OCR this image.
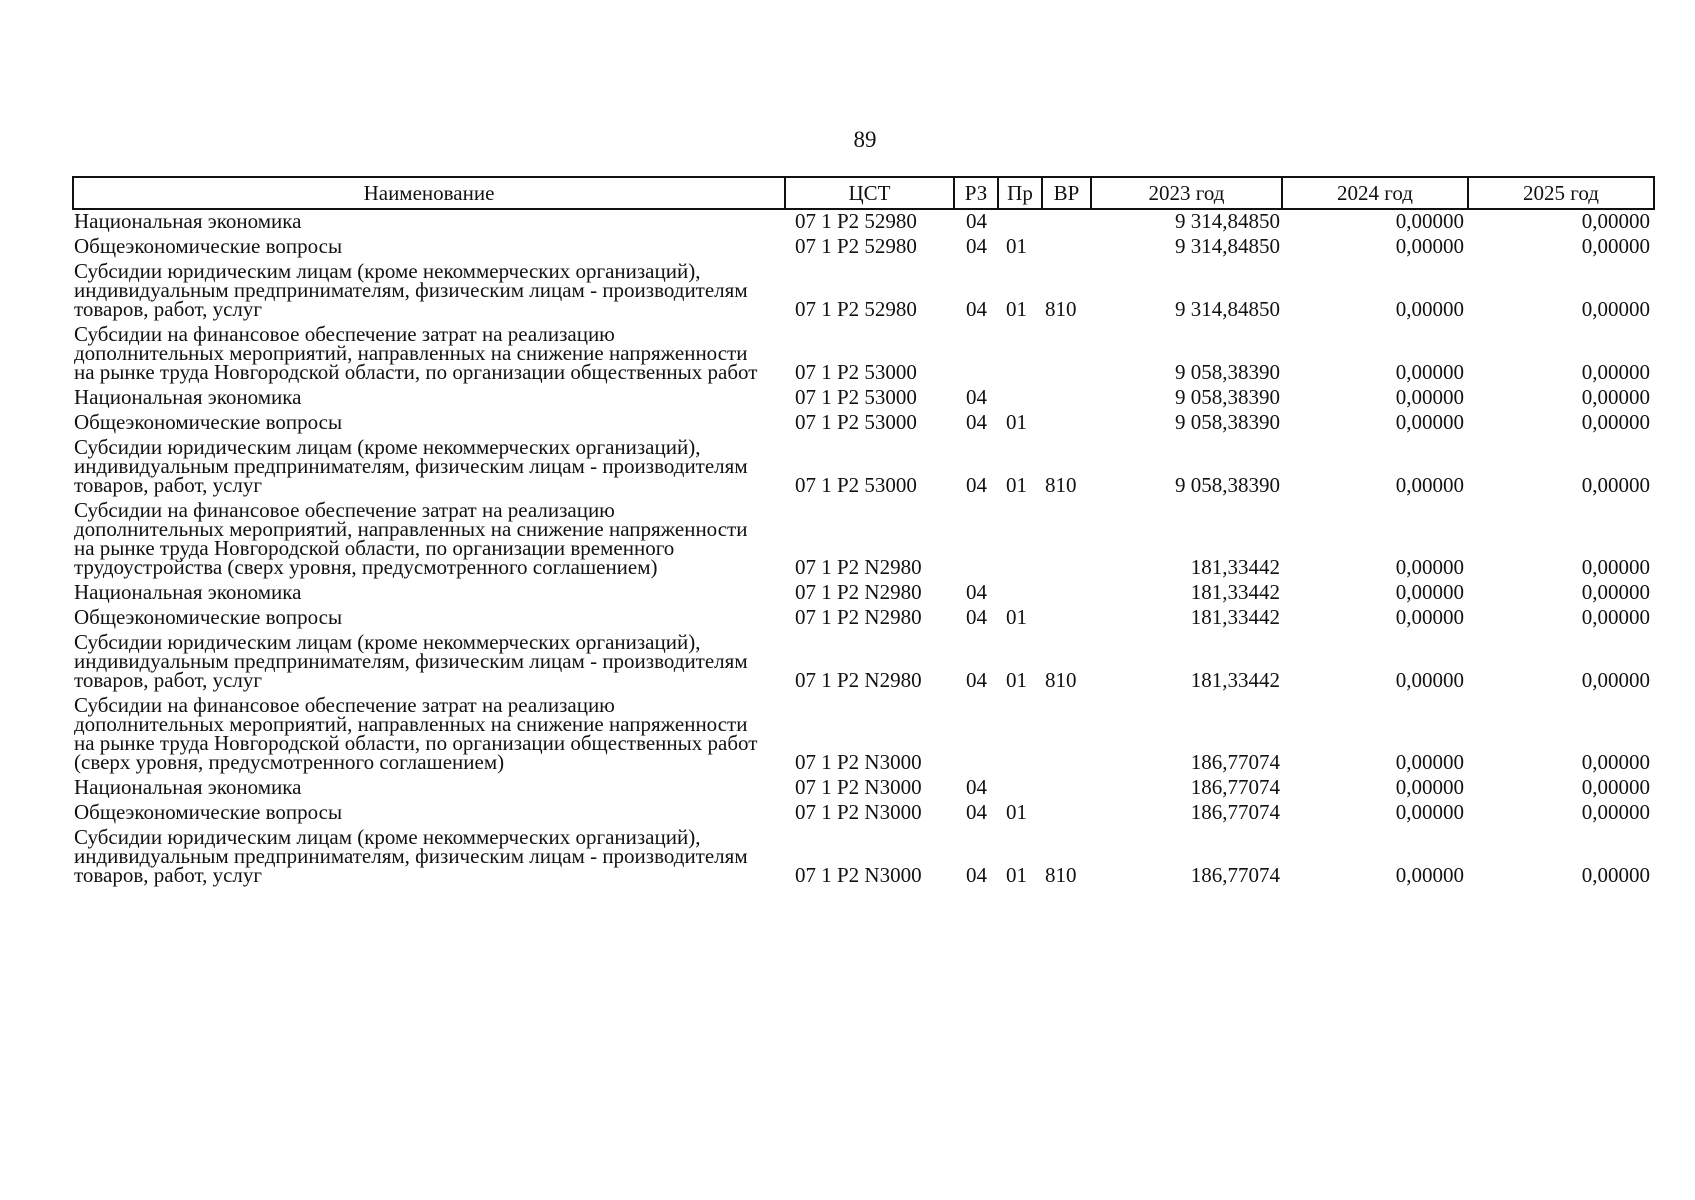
89
Наименование	ЦСТ	РЗ	Пр	ВР	2023 год	2024 год	2025 год
Национальная экономика	07 1 Р2 52980	04			9 314,84850	0,00000	0,00000
Общеэкономические вопросы	07 1 Р2 52980	04	01		9 314,84850	0,00000	0,00000
Субсидии юридическим лицам (кроме некоммерческих организаций), индивидуальным предпринимателям, физическим лицам - производителям товаров, работ, услуг	07 1 Р2 52980	04	01	810	9 314,84850	0,00000	0,00000
Субсидии на финансовое обеспечение затрат на реализацию дополнительных мероприятий, направленных на снижение напряженности на рынке труда Новгородской области, по организации общественных работ	07 1 Р2 53000				9 058,38390	0,00000	0,00000
Национальная экономика	07 1 Р2 53000	04			9 058,38390	0,00000	0,00000
Общеэкономические вопросы	07 1 Р2 53000	04	01		9 058,38390	0,00000	0,00000
Субсидии юридическим лицам (кроме некоммерческих организаций), индивидуальным предпринимателям, физическим лицам - производителям товаров, работ, услуг	07 1 Р2 53000	04	01	810	9 058,38390	0,00000	0,00000
Субсидии на финансовое обеспечение затрат на реализацию дополнительных мероприятий, направленных на снижение напряженности на рынке труда Новгородской области, по организации временного трудоустройства (сверх уровня, предусмотренного соглашением)	07 1 Р2 N2980				181,33442	0,00000	0,00000
Национальная экономика	07 1 Р2 N2980	04			181,33442	0,00000	0,00000
Общеэкономические вопросы	07 1 Р2 N2980	04	01		181,33442	0,00000	0,00000
Субсидии юридическим лицам (кроме некоммерческих организаций), индивидуальным предпринимателям, физическим лицам - производителям товаров, работ, услуг	07 1 Р2 N2980	04	01	810	181,33442	0,00000	0,00000
Субсидии на финансовое обеспечение затрат на реализацию дополнительных мероприятий, направленных на снижение напряженности на рынке труда Новгородской области, по организации общественных работ (сверх уровня, предусмотренного соглашением)	07 1 Р2 N3000				186,77074	0,00000	0,00000
Национальная экономика	07 1 Р2 N3000	04			186,77074	0,00000	0,00000
Общеэкономические вопросы	07 1 Р2 N3000	04	01		186,77074	0,00000	0,00000
Субсидии юридическим лицам (кроме некоммерческих организаций), индивидуальным предпринимателям, физическим лицам - производителям товаров, работ, услуг	07 1 Р2 N3000	04	01	810	186,77074	0,00000	0,00000
